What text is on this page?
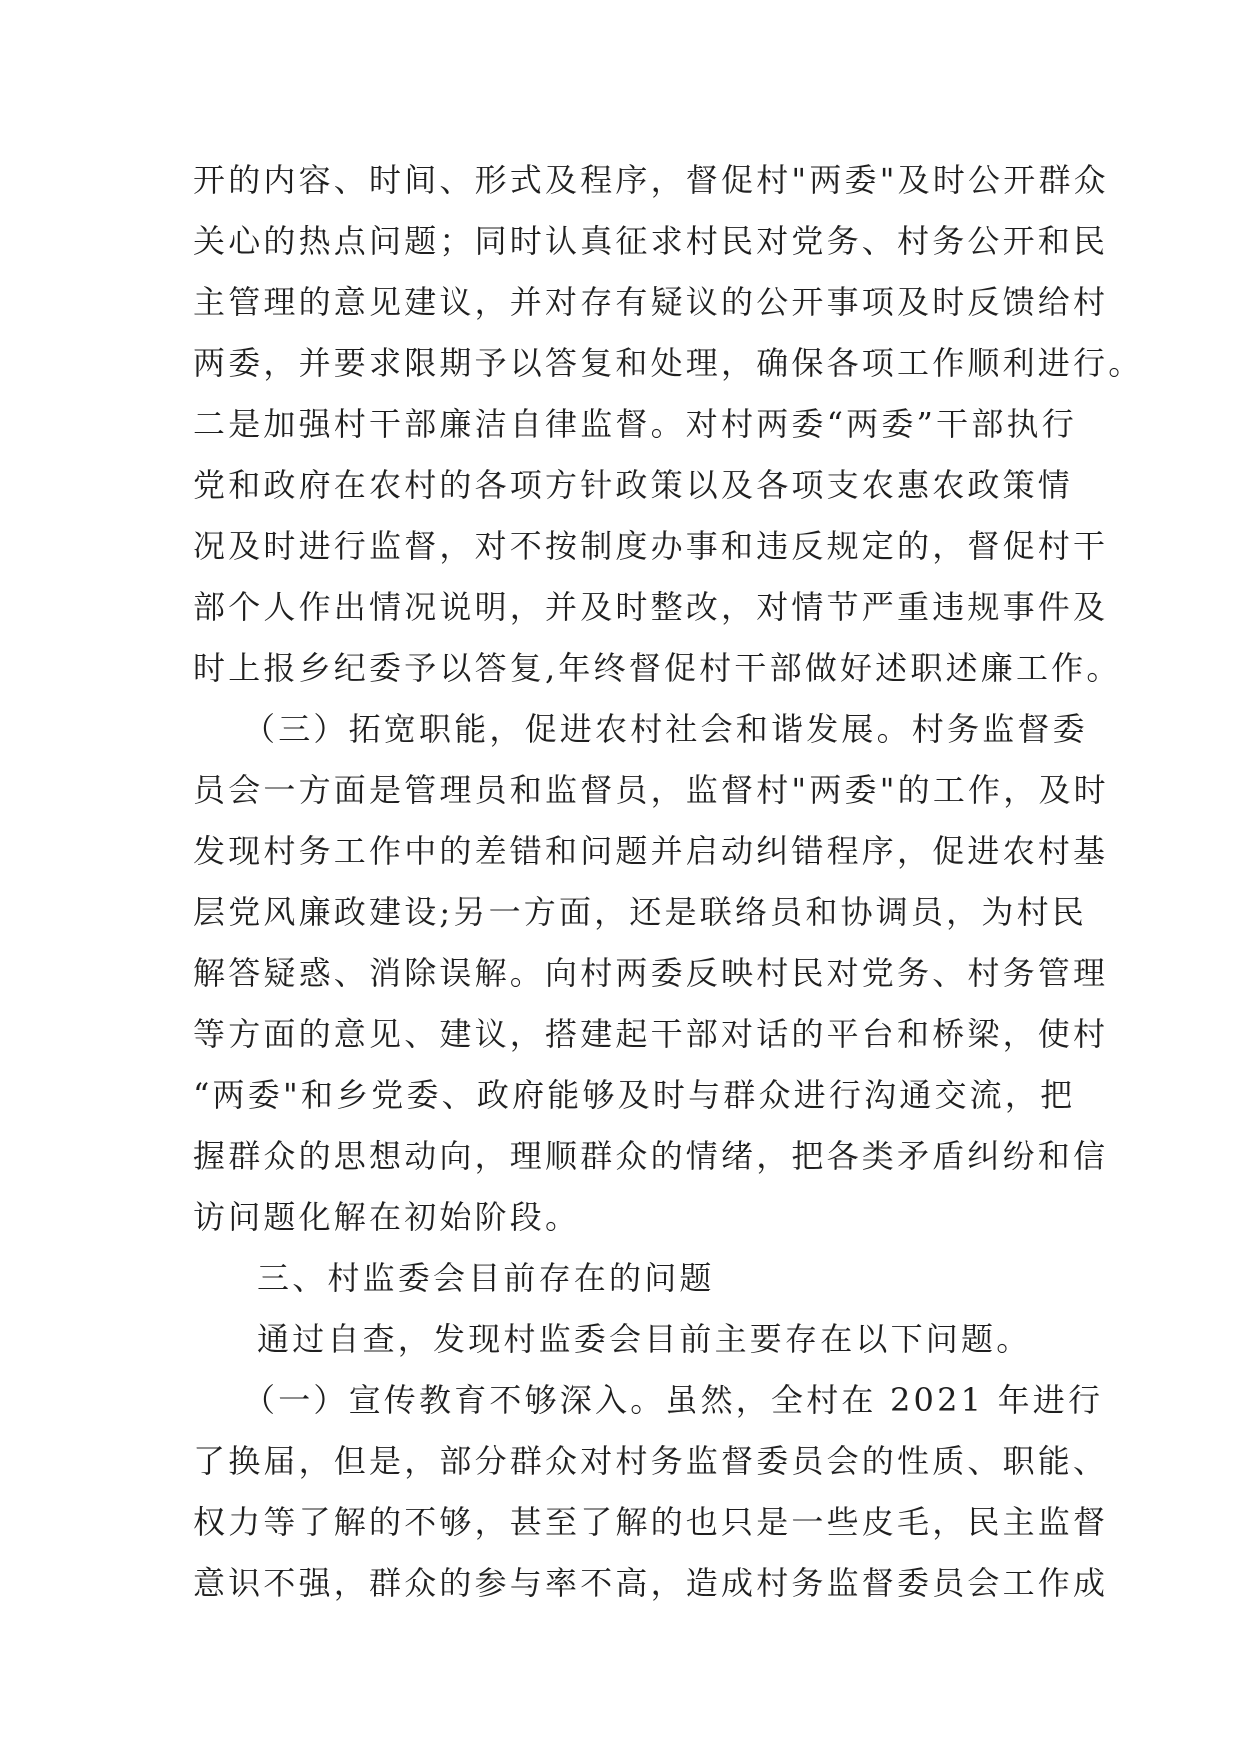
开的内容、时间、形式及程序，督促村"两委"及时公开群众
关心的热点问题；同时认真征求村民对党务、村务公开和民
主管理的意见建议，并对存有疑议的公开事项及时反馈给村
两委，并要求限期予以答复和处理，确保各项工作顺利进行。
二是加强村干部廉洁自律监督。对村两委“两委”干部执行
党和政府在农村的各项方针政策以及各项支农惠农政策情
况及时进行监督，对不按制度办事和违反规定的，督促村干
部个人作出情况说明，并及时整改，对情节严重违规事件及
时上报乡纪委予以答复,年终督促村干部做好述职述廉工作。
（三）拓宽职能，促进农村社会和谐发展。村务监督委
员会一方面是管理员和监督员，监督村"两委"的工作，及时
发现村务工作中的差错和问题并启动纠错程序，促进农村基
层党风廉政建设;另一方面，还是联络员和协调员，为村民
解答疑惑、消除误解。向村两委反映村民对党务、村务管理
等方面的意见、建议，搭建起干部对话的平台和桥梁，使村
“两委"和乡党委、政府能够及时与群众进行沟通交流，把
握群众的思想动向，理顺群众的情绪，把各类矛盾纠纷和信
访问题化解在初始阶段。
三、村监委会目前存在的问题
通过自查，发现村监委会目前主要存在以下问题。
（一）宣传教育不够深入。虽然，全村在 2021 年进行
了换届，但是，部分群众对村务监督委员会的性质、职能、
权力等了解的不够，甚至了解的也只是一些皮毛，民主监督
意识不强，群众的参与率不高，造成村务监督委员会工作成
